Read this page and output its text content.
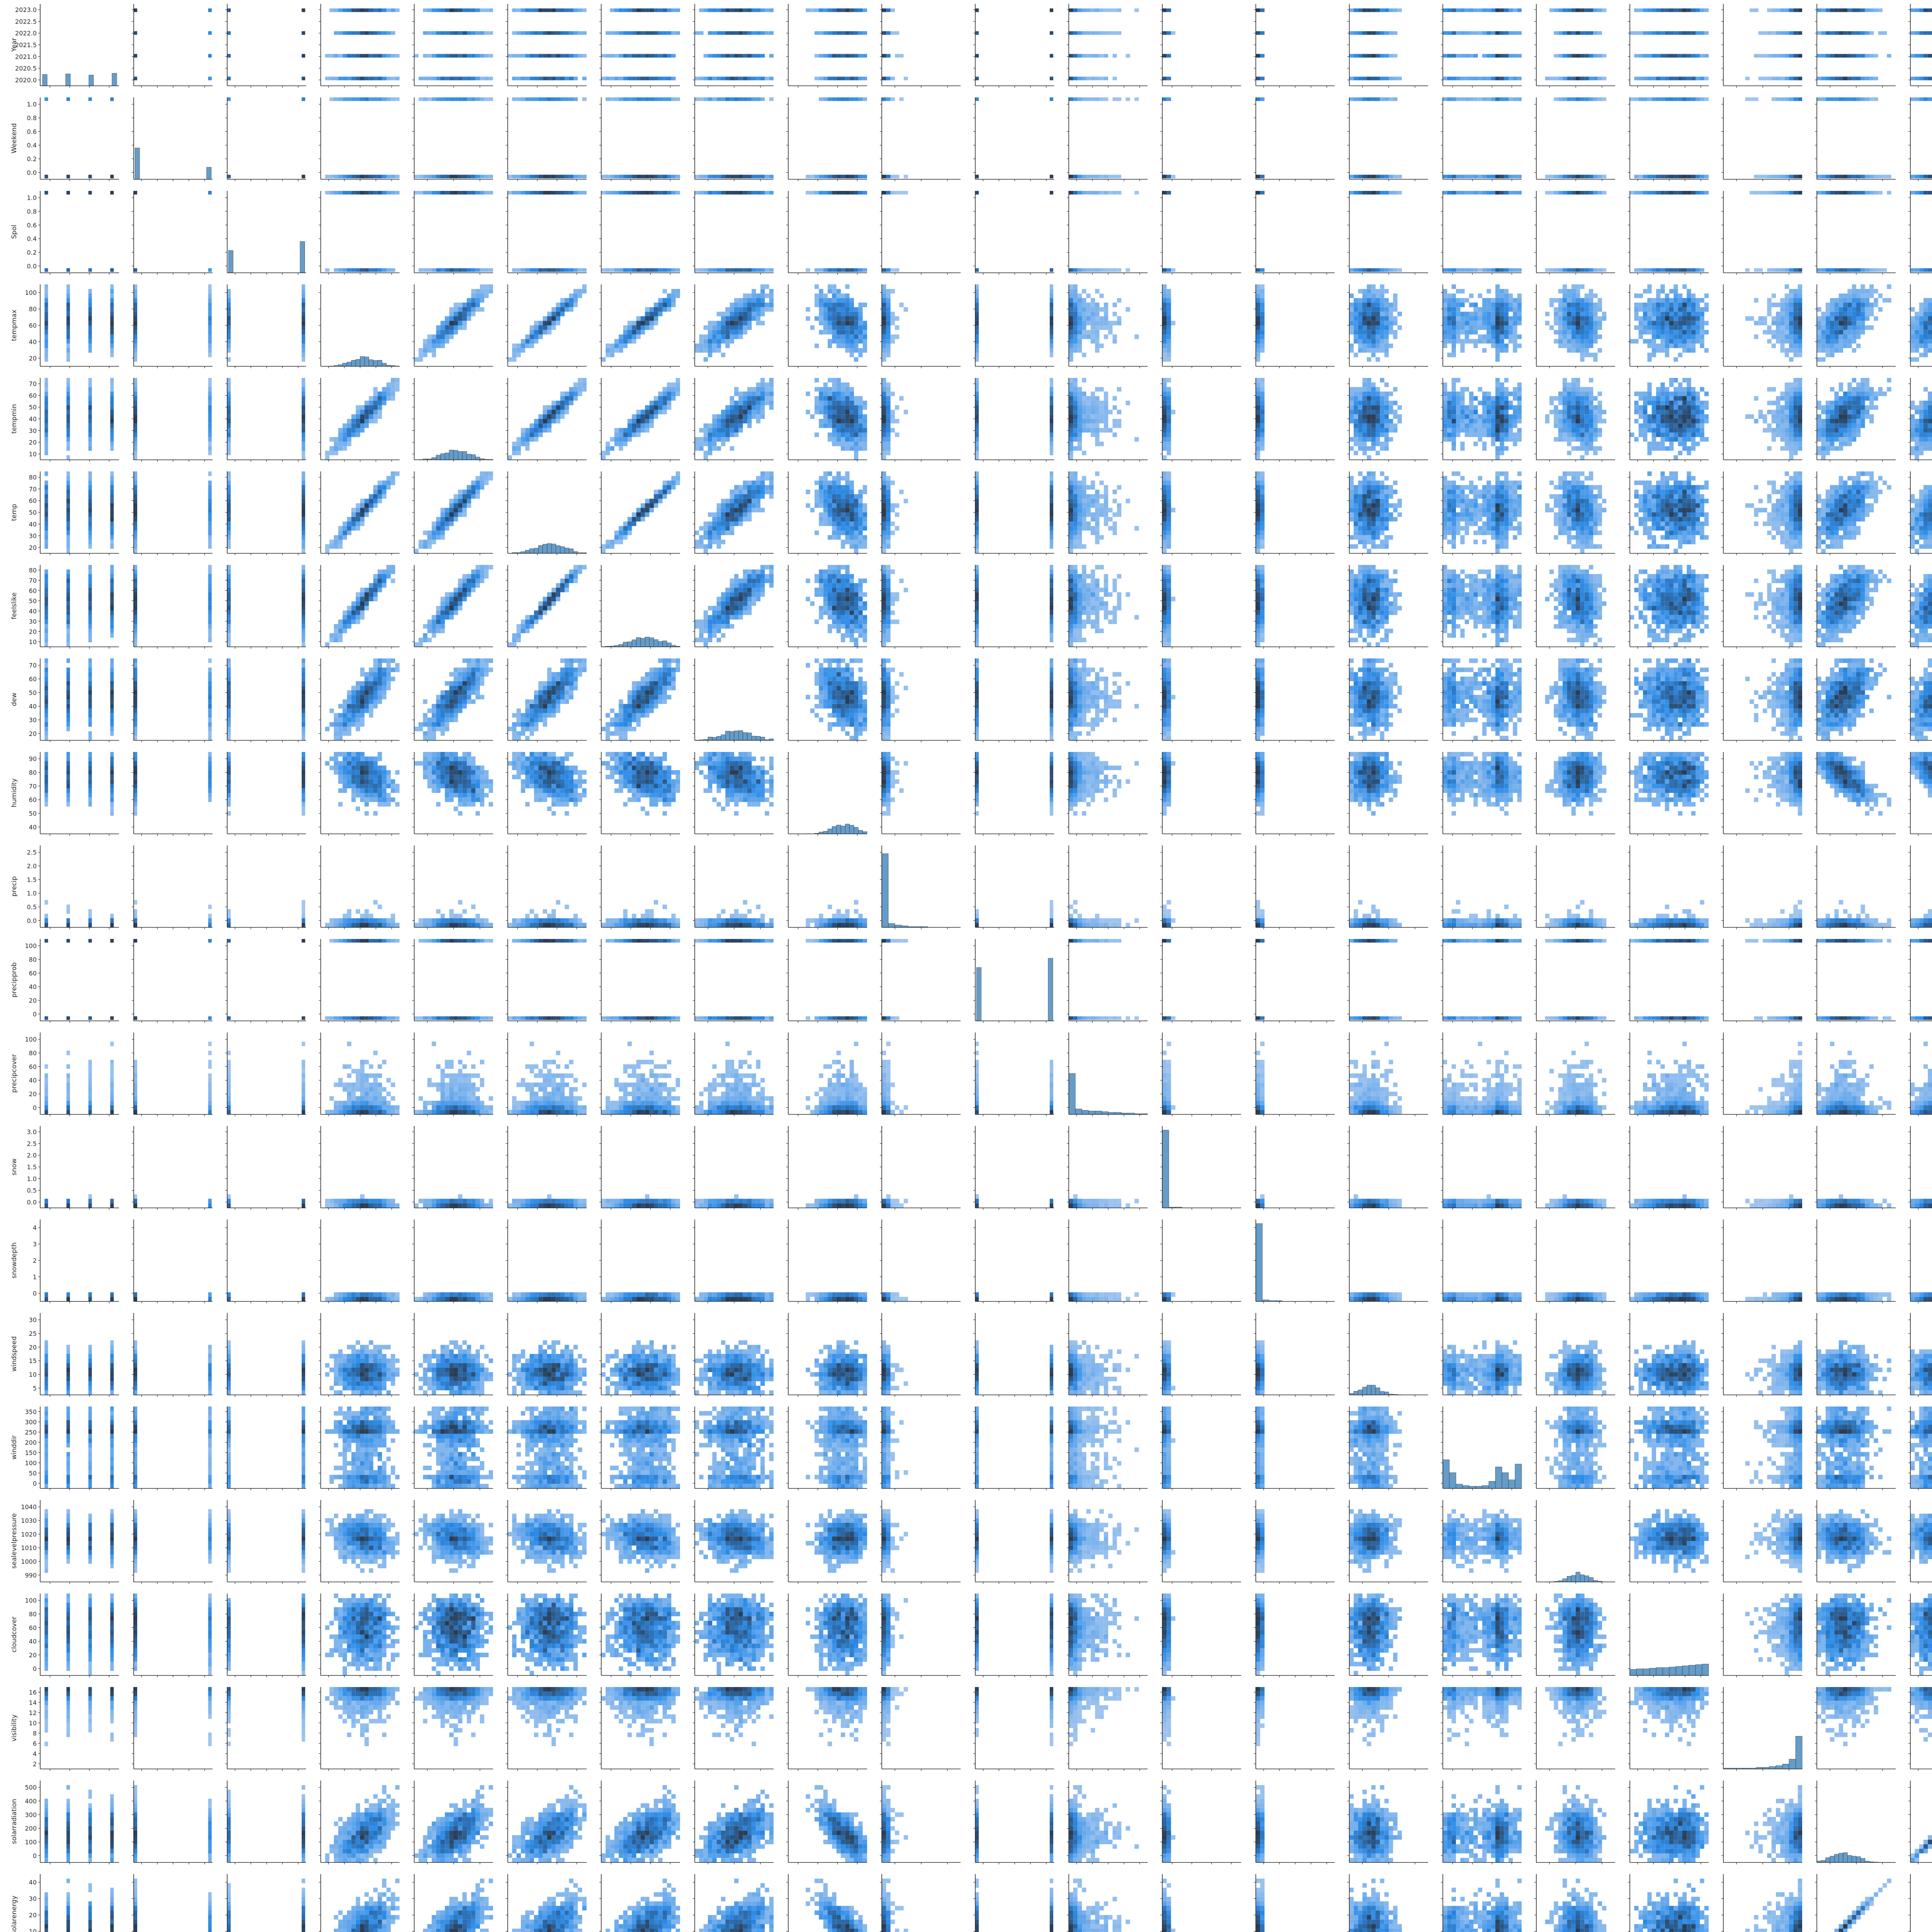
2020.0
2020.5
2021.0
2021.5
2022.0
2022.5
2023.0
Year
0.0
0.2
0.4
0.6
0.8
1.0
Weekend
0.0
0.2
0.4
0.6
0.8
1.0
Spol
20
40
60
80
100
tempmax
10
20
30
40
50
60
70
tempmin
20
30
40
50
60
70
80
temp
10
20
30
40
50
60
70
80
feelslike
20
30
40
50
60
70
dew
40
50
60
70
80
90
humidity
0.0
0.5
1.0
1.5
2.0
2.5
precip
0
20
40
60
80
100
precipprob
0
20
40
60
80
100
precipcover
0.0
0.5
1.0
1.5
2.0
2.5
3.0
snow
0
1
2
3
4
snowdepth
5
10
15
20
25
30
windspeed
0
50
100
150
200
250
300
350
winddir
990
1000
1010
1020
1030
1040
sealevelpressure
0
20
40
60
80
100
cloudcover
2
4
6
8
10
12
14
16
visibility
0
100
200
300
400
500
solarradiation
10
20
30
40
solarenergy
